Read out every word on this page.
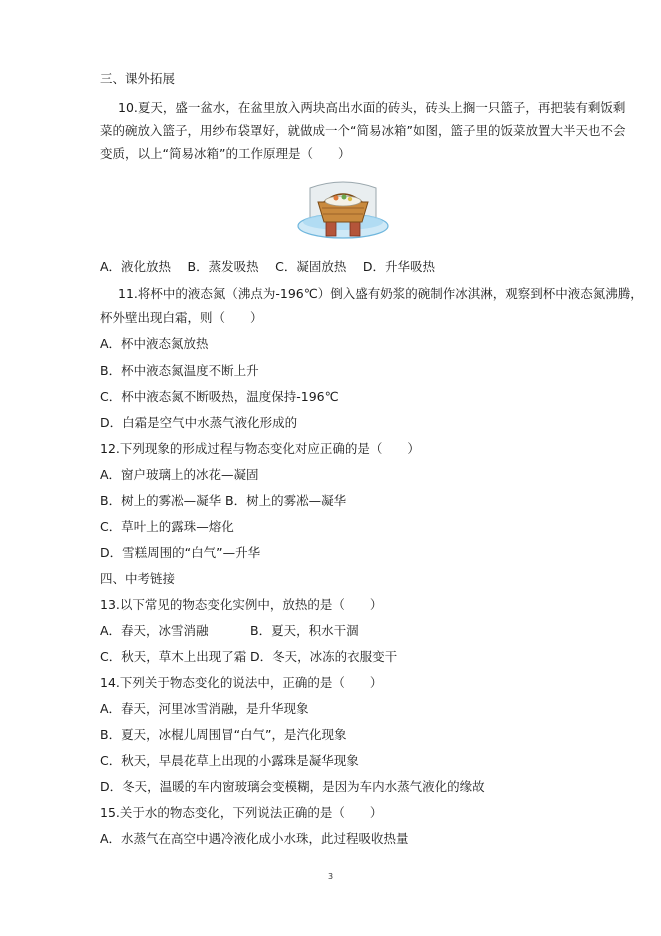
三、课外拓展
10.夏天，盛一盆水，在盆里放入两块高出水面的砖头，砖头上搁一只篮子，再把装有剩饭剩
菜的碗放入篮子，用纱布袋罩好，就做成一个“简易冰箱”如图，篮子里的饭菜放置大半天也不会
变质，以上“简易冰箱”的工作原理是（　　）
A．液化放热　 B．蒸发吸热　 C．凝固放热　 D．升华吸热
11.将杯中的液态氮（沸点为-196℃）倒入盛有奶浆的碗制作冰淇淋，观察到杯中液态氮沸腾，
杯外壁出现白霜，则（　　）
A．杯中液态氮放热
B．杯中液态氮温度不断上升
C．杯中液态氮不断吸热，温度保持-196℃
D．白霜是空气中水蒸气液化形成的
12.下列现象的形成过程与物态变化对应正确的是（　　）
A．窗户玻璃上的冰花—凝固
B．树上的雾凇—凝华 B．树上的雾凇—凝华
C．草叶上的露珠—熔化
D．雪糕周围的“白气”—升华
四、中考链接
13.以下常见的物态变化实例中，放热的是（　　）
A．春天，冰雪消融	B．夏天，积水干涸
C．秋天，草木上出现了霜 D．冬天，冰冻的衣服变干
14.下列关于物态变化的说法中，正确的是（　　）
A．春天，河里冰雪消融，是升华现象
B．夏天，冰棍儿周围冒“白气”，是汽化现象
C．秋天，早晨花草上出现的小露珠是凝华现象
D．冬天，温暖的车内窗玻璃会变模糊，是因为车内水蒸气液化的缘故
15.关于水的物态变化，下列说法正确的是（　　）
A．水蒸气在高空中遇冷液化成小水珠，此过程吸收热量
3
